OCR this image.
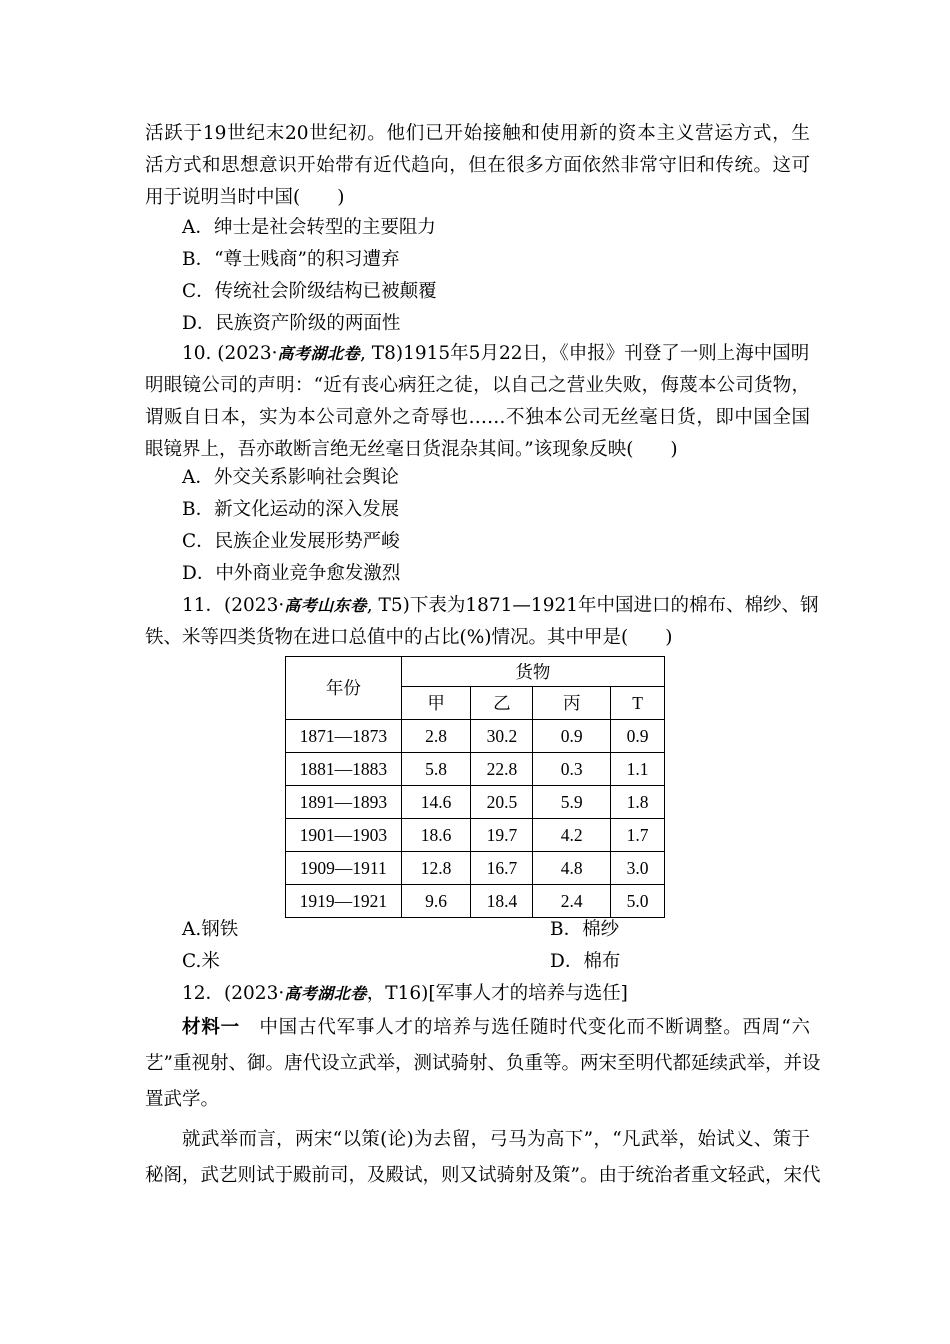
活跃于19世纪末20世纪初。他们已开始接触和使用新的资本主义营运方式，生
活方式和思想意识开始带有近代趋向，但在很多方面依然非常守旧和传统。这可
用于说明当时中国(　　)
A．绅士是社会转型的主要阻力
B．“尊士贱商”的积习遭弃
C．传统社会阶级结构已被颠覆
D．民族资产阶级的两面性
10. (2023·高考湖北卷, T8)1915年5月22日，《申报》刊登了一则上海中国明
明眼镜公司的声明：“近有丧心病狂之徒，以自己之营业失败，侮蔑本公司货物，
谓贩自日本，实为本公司意外之奇辱也……不独本公司无丝毫日货，即中国全国
眼镜界上，吾亦敢断言绝无丝毫日货混杂其间。”该现象反映(　　)
A．外交关系影响社会舆论
B．新文化运动的深入发展
C．民族企业发展形势严峻
D．中外商业竞争愈发激烈
11．(2023·高考山东卷, T5)下表为1871—1921年中国进口的棉布、棉纱、钢
铁、米等四类货物在进口总值中的占比(%)情况。其中甲是(　　)
年份	货物			
	甲	乙	丙	T
1871—1873	2.8	30.2	0.9	0.9
1881—1883	5.8	22.8	0.3	1.1
1891—1893	14.6	20.5	5.9	1.8
1901—1903	18.6	19.7	4.2	1.7
1909—1911	12.8	16.7	4.8	3.0
1919—1921	9.6	18.4	2.4	5.0
A.钢铁	B．棉纱
C.米	D．棉布
12．(2023·高考湖北卷，T16)[军事人才的培养与选任]
材料一　 中国古代军事人才的培养与选任随时代变化而不断调整。西周“六
艺”重视射、御。唐代设立武举，测试骑射、负重等。两宋至明代都延续武举，并设
置武学。
就武举而言，两宋“以策(论)为去留，弓马为高下”，“凡武举，始试义、策于
秘阁，武艺则试于殿前司，及殿试，则又试骑射及策”。由于统治者重文轻武，宋代
